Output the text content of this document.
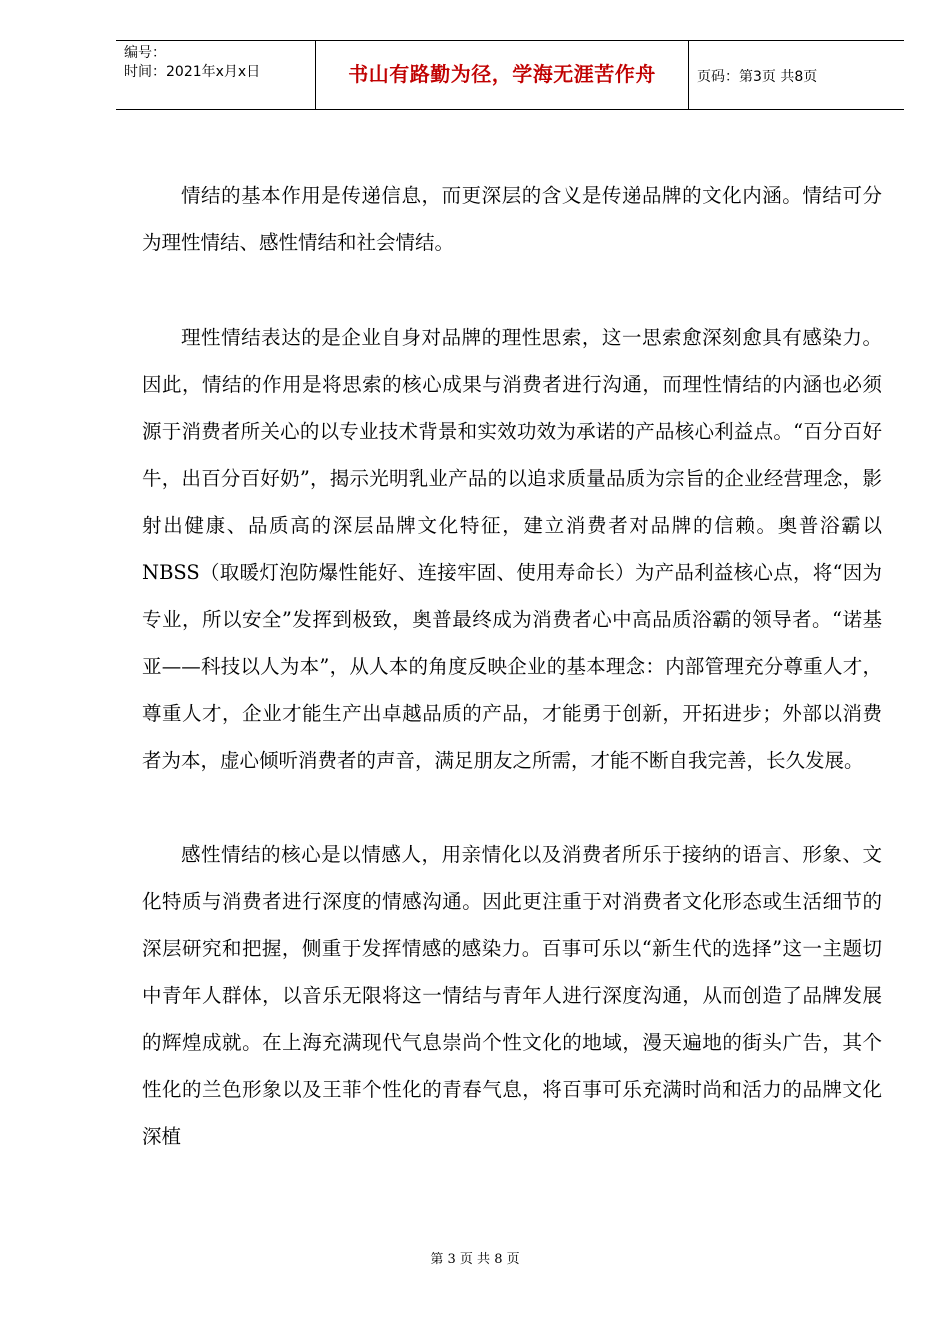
编号：
时间：2021年x月x日	书山有路勤为径，学海无涯苦作舟	页码：第3页 共8页

情结的基本作用是传递信息，而更深层的含义是传递品牌的文化内涵。情结可分为理性情结、感性情结和社会情结。

理性情结表达的是企业自身对品牌的理性思索，这一思索愈深刻愈具有感染力。因此，情结的作用是将思索的核心成果与消费者进行沟通，而理性情结的内涵也必须源于消费者所关心的以专业技术背景和实效功效为承诺的产品核心利益点。“百分百好牛，出百分百好奶”，揭示光明乳业产品的以追求质量品质为宗旨的企业经营理念，影射出健康、品质高的深层品牌文化特征，建立消费者对品牌的信赖。奥普浴霸以NBSS（取暖灯泡防爆性能好、连接牢固、使用寿命长）为产品利益核心点，将“因为专业，所以安全”发挥到极致，奥普最终成为消费者心中高品质浴霸的领导者。“诺基亚——科技以人为本”，从人本的角度反映企业的基本理念：内部管理充分尊重人才，尊重人才，企业才能生产出卓越品质的产品，才能勇于创新，开拓进步；外部以消费者为本，虚心倾听消费者的声音，满足朋友之所需，才能不断自我完善，长久发展。

感性情结的核心是以情感人，用亲情化以及消费者所乐于接纳的语言、形象、文化特质与消费者进行深度的情感沟通。因此更注重于对消费者文化形态或生活细节的深层研究和把握，侧重于发挥情感的感染力。百事可乐以“新生代的选择”这一主题切中青年人群体，以音乐无限将这一情结与青年人进行深度沟通，从而创造了品牌发展的辉煌成就。在上海充满现代气息崇尚个性文化的地域，漫天遍地的街头广告，其个性化的兰色形象以及王菲个性化的青春气息，将百事可乐充满时尚和活力的品牌文化深植

第 3 页 共 8 页
